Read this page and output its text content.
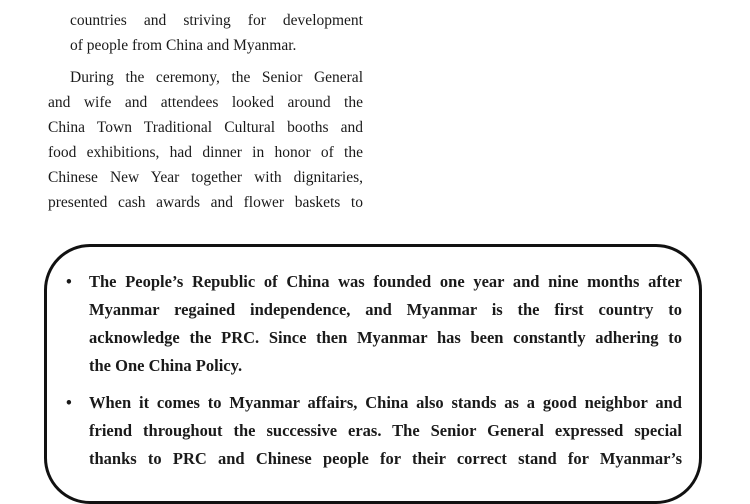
countries and striving for development
of people from China and Myanmar.
During the ceremony, the Senior General
and wife and attendees looked around the
China Town Traditional Cultural booths and
food exhibitions, had dinner in honor of the
Chinese New Year together with dignitaries,
presented cash awards and flower baskets to
• The People’s Republic of China was founded one year and nine months after
Myanmar regained independence, and Myanmar is the first country to
acknowledge the PRC. Since then Myanmar has been constantly adhering to
the One China Policy.
• When it comes to Myanmar affairs, China also stands as a good neighbor and
friend throughout the successive eras. The Senior General expressed special
thanks to PRC and Chinese people for their correct stand for Myanmar’s
